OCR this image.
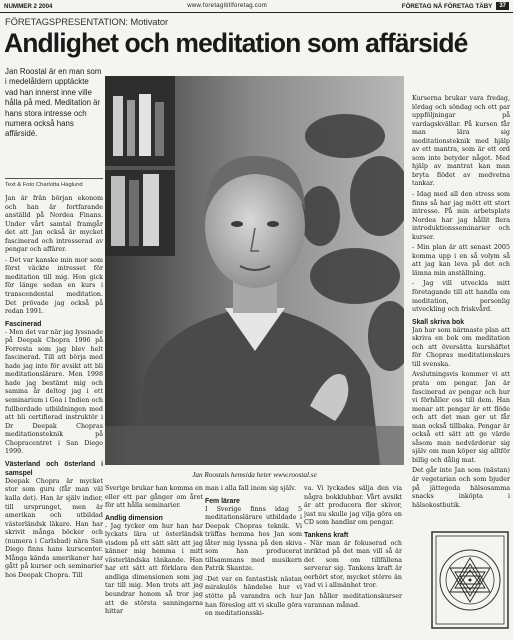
NUMMER 2 2004	www.foretagitillforetag.com	FÖRETAG NÄ FÖRETAG TÄBY	37
FÖRETAGSPRESENTATION: Motivator
Andlighet och meditation som affärsidé
Jan Roostal är en man som i medelåldern upptäckte vad han innerst inne ville hålla på med. Meditation är hans stora intresse och numera också hans affärsidé.
Text & Foto Charlotta Haglund

Jan är från början ekonom och han är fortfarande anställd på Nordea Finans. Under vårt samtal framgår det att Jan också är mycket fascinerad och intresserad av pengar och affärer.

- Det var kanske min mor som först väckte intresset för meditation till mig. Hon gick för länge sedan en kurs i transcendental meditation. Det prövade jag också på redan 1991.

Fascinerad

- Men det var när jag lyssnade på Deepak Chopra 1996 på Forresta som jag blev helt fascinerad. Till att börja med hade jag inte för avsikt att bli meditationslärare. Men 1998 hade jag bestämt mig och samma år deltog jag i ett seminarium i Goa i Indien och fullbordade utbildningen med att bli certifierad instruktör i Dr Deepak Chopras meditationsteknik på Chopracentret i San Diego 1999.

Västerland och österland i samspel

Deepak Chopra är mycket stor som guru (får man väl kalla det). Han är själv indier, till ursprunget, men är amerikan och utbildad västerländsk läkare. Han har skrivit många böcker och (numera i Carlsbad) nära San Diego finns hans kurscenter. Många kända amerikaner har gått på kurser och seminarier hos Deepak Chopra. Till

Jan Roostals hemsida heter www.roostal.se

Sverige brukar han komma en eller ett par gånger om året för att hålla seminarier.

Andlig dimension

- Jag tycker om hur han har lyckats lära ut österländsk visdom på ett sätt sätt att jag känner mig hemma i mitt västerländska tänkande. Han har ett sätt att förklara den andliga dimensionen som jag tar till mig. Men trots att jag beundrar honom så tror jag att de största sanningarna hittar

man i alla fall inom sig själv.

Fem lärare

I Sverige finns idag 5 meditationslärare utbildade i Deepak Chopras teknik. Vi träffas hemma hos Jan som låter mig lyssna på den skiva som han producerat tillsammans med musikern Patrik Skantze.

-Det var en fantastisk nästan mirakulös händelse hur vi stötte på varandra och hur han föreslog att vi skulle göra en meditationsski-

va. Vi lyckades sälja den via några bokklubbar. Vårt avsikt är att producera fler skivor, just nu skulle jag vilja göra en CD som handlar om pengar.

Tankens kraft

- När man är fokuserad och inriktad på det man vill så är det som om tillfällena serverar sig. Tankens kraft är oerhört stor, mycket större än vad vi i allmänhet tror.

Jan håller meditationskurser varannan månad.

Kurserna brukar vara fredag, lördag och söndag och ett par uppföljningar på vardagskvällar. På kursen får man lära sig meditationsteknik med hjälp av ett mantra, som är ett ord som inte betyder något. Med hjälp av mantrat kan man bryta flödet av medvetna tankar.

- Idag med all den stress som finns så har jag mött ett stort intresse. På min arbetsplats Nordea har jag hållit flera introduktionsseminarier och kurser.

- Min plan är att senast 2005 komma upp i en så volym så att jag kan leva på det och lämna min anställning.

- Jag vill utveckla mitt företagande till att handla om meditation, personlig utveckling och friskvård.

Skall skriva bok

Jan har som närmaste plan att skriva en bok om meditation och att översätta kurshäftet för Chopras meditationskurs till svenska.

Avslutningsvis kommer vi att prata om pengar. Jan är fascinerad av pengar och hur vi förhåller oss till dem. Han menar att pengar är ett flöde och att det man ger ut får man också tillbaka. Pengar är också ett sätt att ge värde såsom man nedvärderar sig själv om man köper sig alltför billig och dålig mat.

Det går inte Jan som (nästan) är vegetarian och som bjuder på jättegoda hälsosamma snacks inköpta i hälsokostbutik.
